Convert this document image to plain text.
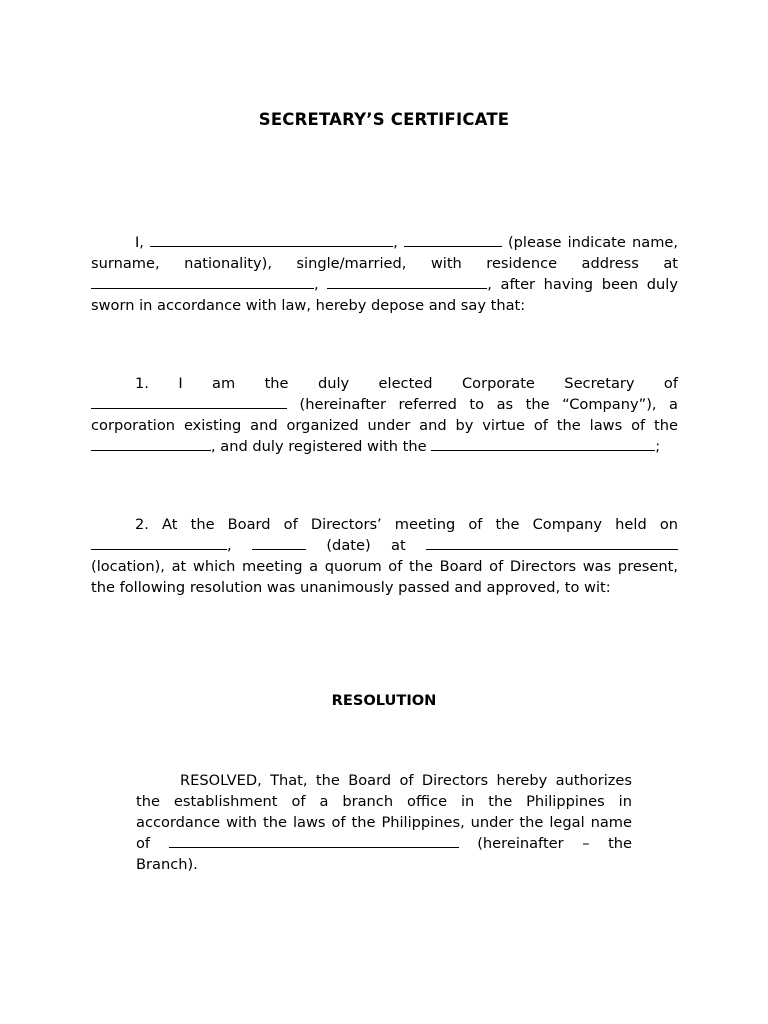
SECRETARY’S CERTIFICATE

I,	,	(please indicate name, surname, nationality), single/married, with residence address at ,	, after having been duly sworn in accordance with law, hereby depose and say that:

1. I am the duly elected Corporate Secretary of  (hereinafter referred to as the “Company”), a corporation existing and organized under and by virtue of the laws of the , and duly registered with the	;

2. At the Board of Directors’ meeting of the Company held on ,	(date) at  (location), at which meeting a quorum of the Board of Directors was present, the following resolution was unanimously passed and approved, to wit:

RESOLUTION

RESOLVED, That, the Board of Directors hereby authorizes the establishment of a branch office in the Philippines in accordance with the laws of the Philippines, under the legal name of	(hereinafter – the Branch).
